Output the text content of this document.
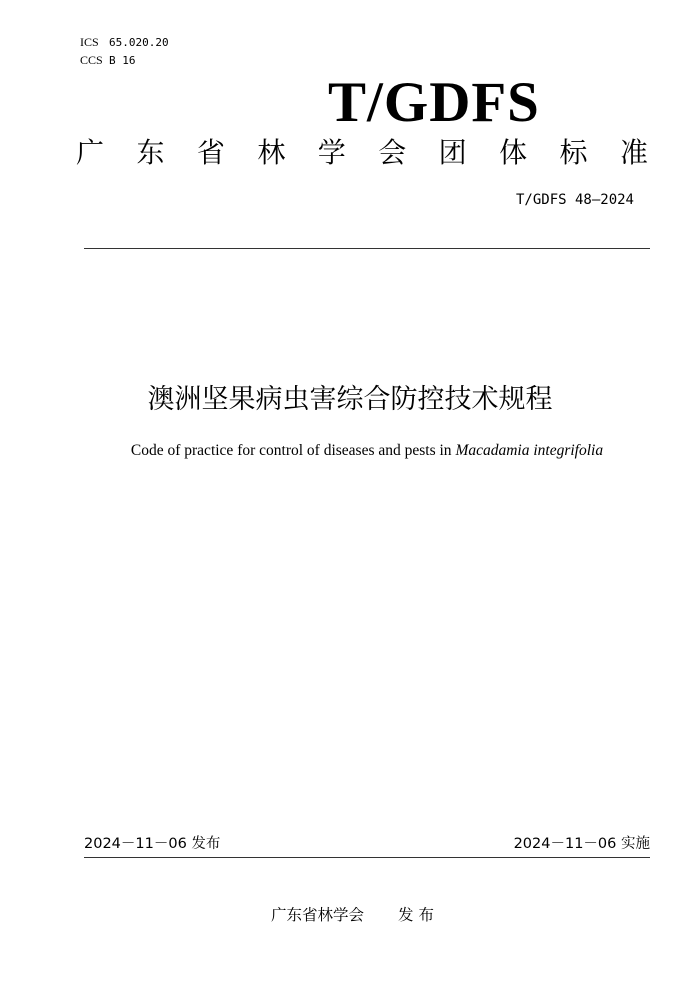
ICS 65.020.20
CCS B 16
T/GDFS
广 东 省 林 学 会 团 体 标 准
T/GDFS 48—2024
澳洲坚果病虫害综合防控技术规程
Code of practice for control of diseases and pests in Macadamia integrifolia
2024－11－06 发布	2024－11－06 实施
广东省林学会 发 布
